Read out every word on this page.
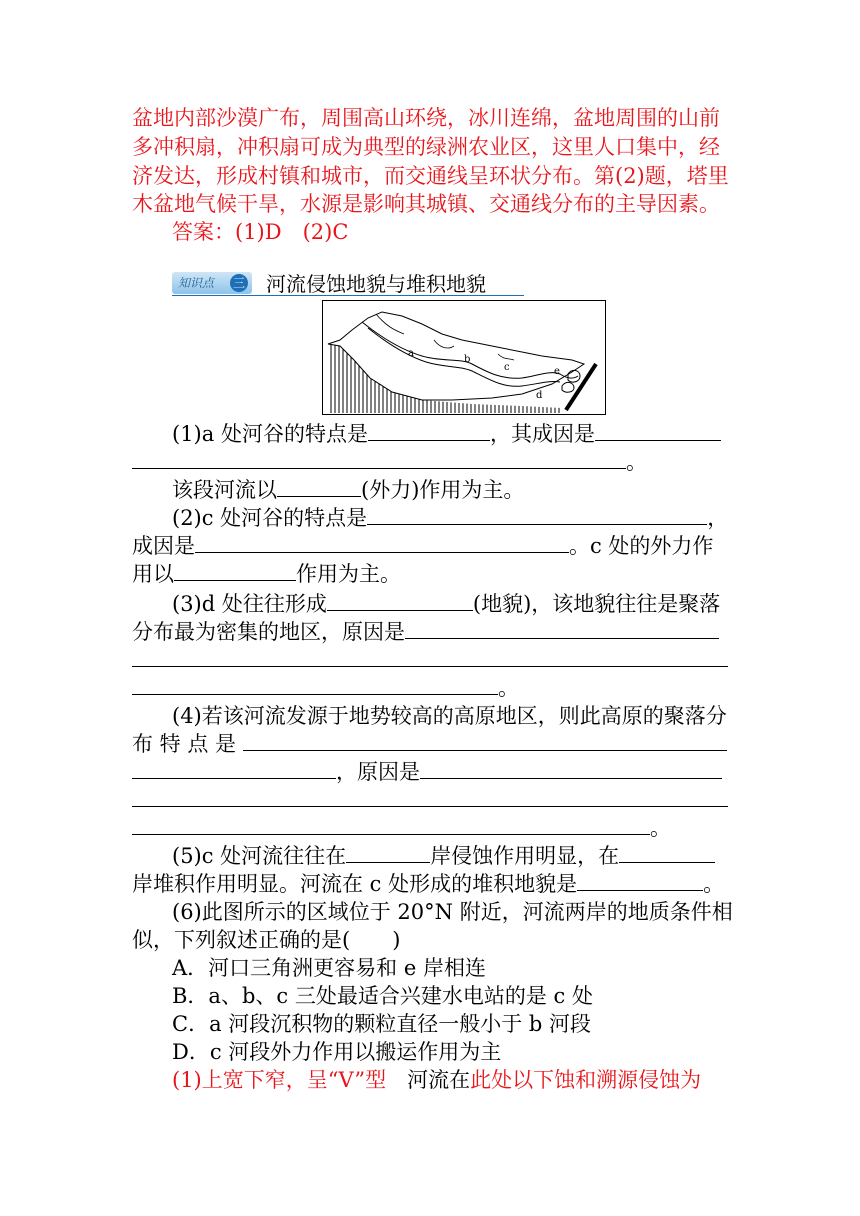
盆地内部沙漠广布，周围高山环绕，冰川连绵，盆地周围的山前
多冲积扇，冲积扇可成为典型的绿洲农业区，这里人口集中，经
济发达，形成村镇和城市，而交通线呈环状分布。第(2)题，塔里
木盆地气候干旱，水源是影响其城镇、交通线分布的主导因素。
答案：(1)D　(2)C
知识点 三 河流侵蚀地貌与堆积地貌
a
b
c	e
d
(1)a 处河谷的特点是	，其成因是
。
该段河流以	(外力)作用为主。
(2)c 处河谷的特点是	，
成因是	。c 处的外力作
用以	作用为主。
(3)d 处往往形成	(地貌)，该地貌往往是聚落
分布最为密集的地区，原因是
。
(4)若该河流发源于地势较高的高原地区，则此高原的聚落分
布 特 点 是
，原因是
。
(5)c 处河流往往在	岸侵蚀作用明显，在
岸堆积作用明显。河流在 c 处形成的堆积地貌是	。
(6)此图所示的区域位于 20°N 附近，河流两岸的地质条件相
似，下列叙述正确的是(　　)
A．河口三角洲更容易和 e 岸相连
B．a、b、c 三处最适合兴建水电站的是 c 处
C．a 河段沉积物的颗粒直径一般小于 b 河段
D．c 河段外力作用以搬运作用为主
(1)上宽下窄，呈“V”型　河流在此处以下蚀和溯源侵蚀为
